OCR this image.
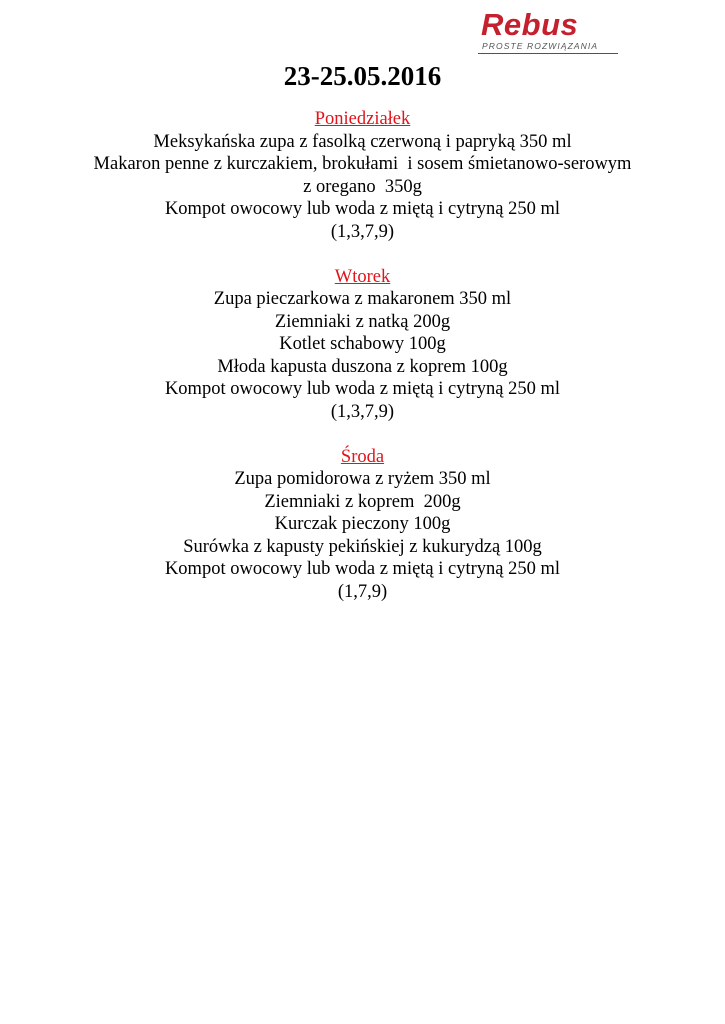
Rebus
PROSTE ROZWIĄZANIA
23-25.05.2016
Poniedziałek
Meksykańska zupa z fasolką czerwoną i papryką 350 ml
Makaron penne z kurczakiem, brokułami  i sosem śmietanowo-serowym
z oregano  350g
Kompot owocowy lub woda z miętą i cytryną 250 ml
(1,3,7,9)
Wtorek
Zupa pieczarkowa z makaronem 350 ml
Ziemniaki z natką 200g
Kotlet schabowy 100g
Młoda kapusta duszona z koprem 100g
Kompot owocowy lub woda z miętą i cytryną 250 ml
(1,3,7,9)
Środa
Zupa pomidorowa z ryżem 350 ml
Ziemniaki z koprem  200g
Kurczak pieczony 100g
Surówka z kapusty pekińskiej z kukurydzą 100g
Kompot owocowy lub woda z miętą i cytryną 250 ml
(1,7,9)
